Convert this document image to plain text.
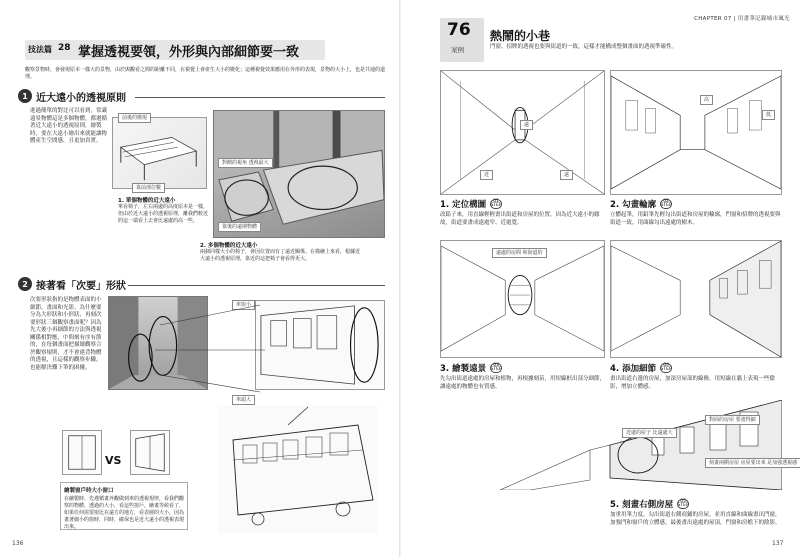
技法篇 28 掌握透視要領，外形與內部細節要一致
觀察景物時，會發現原本一樣大的景物，由於與觀看之間的距離不同，在視覺上會產生大小的變化；這種視覺效果應用在外形的表現，景物的大小上，也是共通的道理。
1 近大遠小的透視原則
進過簡單的對比可以看到，常識遠景物體這是多個物體，都遵循著近大遠小的透視原則。繪製時，要在大遠小繪出來就能讓物體產生空間感，且更加真實。
前後的變現
靠前部位數
對側的視角 透視最大
靠後的遠期物體
1. 單個物體的近大遠小
單看椅子，左右兩邊的高度原本是一樣，但由於近大遠小的透視原理，離我們較近的這一端看上去會比遠處的高一些。
2. 多個物體的近大遠小
兩個同樣大小的椅子，會因位置而有了遠近關係。在描繪上來看，根據近大遠小的透視原理，靠近的這把椅子會看得更大。
2 接著看「次要」形狀
次要形狀指的是物體表面的小細節，畫面和光影。為什麼要分為大形狀和小形狀，再刻次要形狀三個觀察畫面呢？因為先大後小再細節的方法與透視關係相對應，中間刻有序有節的，在每個畫面把描繪觀察合於觀察規則，才不會違背物體的透視，且這樣的觀察步驟，也能解決難下筆的困擾。
車窗小
車頭大
VS
繪製窗戶時大小窗口
在繪製時，先遵循畫外觀做到車的透視規律，看我們觀察的物體。透過的大小，看這些窗戶，繪畫等候看了，如果任何需要窗比在遠方的地方，看表層的大小，因為畫著細小的窗時，同時，確保也是近大遠小的透視表現出來。
136
CHAPTER 07 | 用畫筆記錄城市風光
76
案例
熱鬧的小巷
門窗、招牌的透視也要與街道的一致，這樣才能構成整個畫面的透視準確性。
遠
近	遠
高
低
1. 定位構圖 01
STEP
改鉛子來，用直線輕輕畫出街道和房屋的位置，因為近大遠小的緣故，街道要畫成遠處窄、近處寬。
2. 勾畫輪廓 02
STEP
立體起筆，用鉛筆先輕勾出街道和房屋的輪廓，門窗和招牌的透視要與街道一致，用曲線勾出遠處的樹木。
遠處的房間 和街道的
3. 繪製遠景 03
STEP
先勾出街道遠處的房屋和植物，再根據刻苗，用短線框出部分細節，讓遠處的物體也有質感。
4. 添加細節 04
STEP
畫出街道右邊的房屋，加深房屋部的線條，用短線在牆上表現一些陰影，增加立體感。
近處的屋子 比遠處大
對面的房屋 要畫得細
刻畫兩側房屋 房屋要出來 是加強透視感
5. 刻畫右側房屋 05
STEP
加重用筆力度，勾出街道右側商鋪的房屋，並用直線和曲線畫出門窗，加強門和窗戶的立體感。最後畫出遠處的屋頂，門窗和房檐下的陰影。
137
